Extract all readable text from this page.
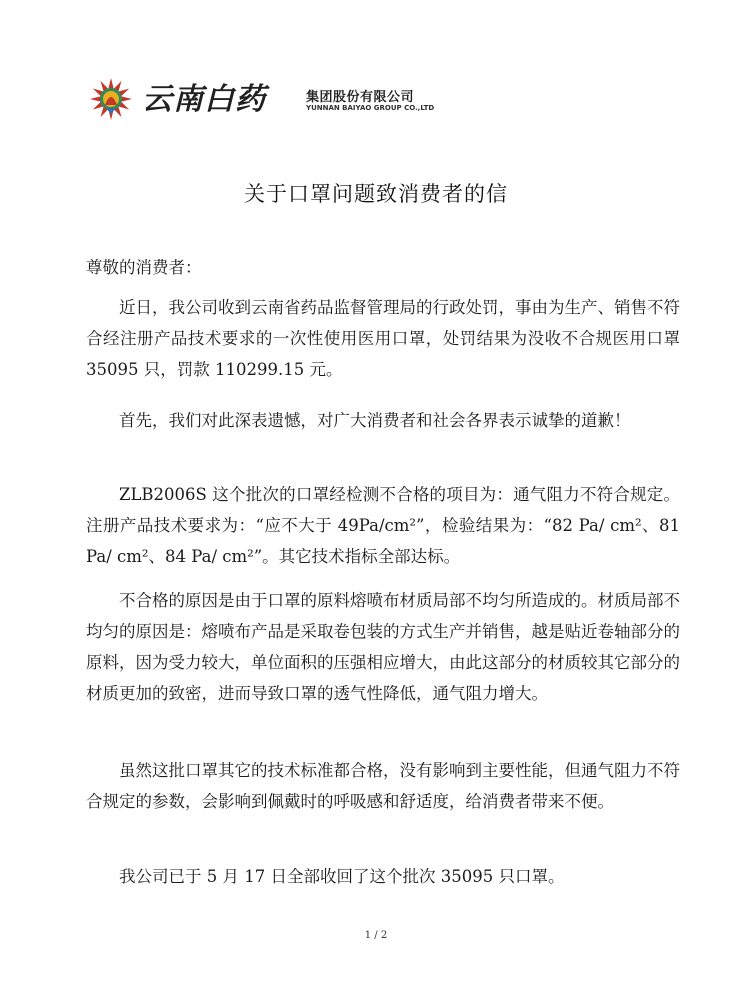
云南白药	集团股份有限公司
YUNNAN BAIYAO GROUP CO.,LTD
关于口罩问题致消费者的信
尊敬的消费者：
近日，我公司收到云南省药品监督管理局的行政处罚，事由为生产、销售不符合经注册产品技术要求的一次性使用医用口罩，处罚结果为没收不合规医用口罩 35095 只，罚款 110299.15 元。
首先，我们对此深表遗憾，对广大消费者和社会各界表示诚挚的道歉！
ZLB2006S 这个批次的口罩经检测不合格的项目为：通气阻力不符合规定。注册产品技术要求为：“应不大于 49Pa/cm²”，检验结果为：“82 Pa/ cm²、81 Pa/ cm²、84 Pa/ cm²”。其它技术指标全部达标。
不合格的原因是由于口罩的原料熔喷布材质局部不均匀所造成的。材质局部不均匀的原因是：熔喷布产品是采取卷包装的方式生产并销售，越是贴近卷轴部分的原料，因为受力较大，单位面积的压强相应增大，由此这部分的材质较其它部分的材质更加的致密，进而导致口罩的透气性降低，通气阻力增大。
虽然这批口罩其它的技术标准都合格，没有影响到主要性能，但通气阻力不符合规定的参数，会影响到佩戴时的呼吸感和舒适度，给消费者带来不便。
我公司已于 5 月 17 日全部收回了这个批次 35095 只口罩。
1 / 2
